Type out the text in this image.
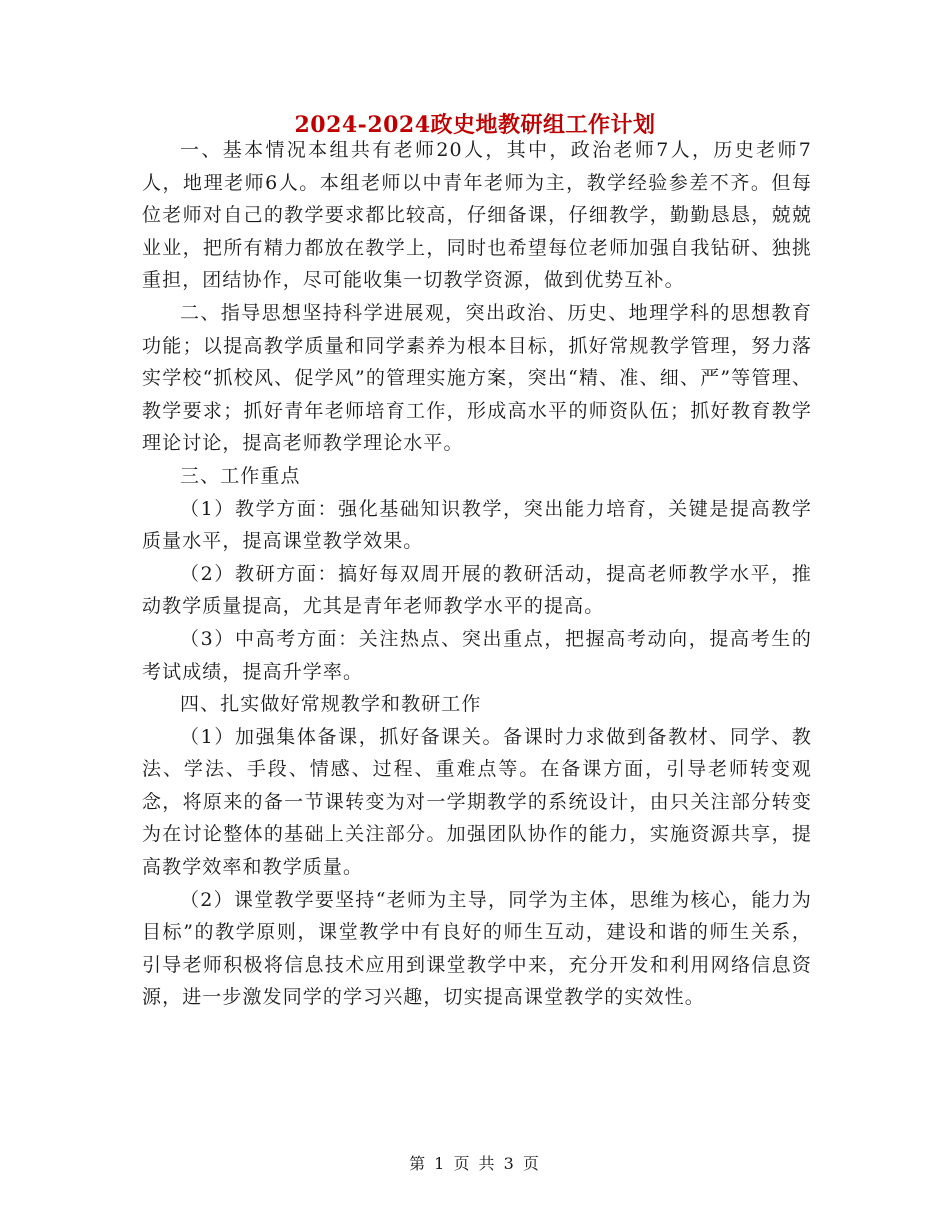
2024-2024政史地教研组工作计划

一、基本情况本组共有老师20人，其中，政治老师7人，历史老师7人，地理老师6人。本组老师以中青年老师为主，教学经验参差不齐。但每位老师对自己的教学要求都比较高，仔细备课，仔细教学，勤勤恳恳，兢兢业业，把所有精力都放在教学上，同时也希望每位老师加强自我钻研、独挑重担，团结协作，尽可能收集一切教学资源，做到优势互补。

二、指导思想坚持科学进展观，突出政治、历史、地理学科的思想教育功能；以提高教学质量和同学素养为根本目标，抓好常规教学管理，努力落实学校“抓校风、促学风”的管理实施方案，突出“精、准、细、严”等管理、教学要求；抓好青年老师培育工作，形成高水平的师资队伍；抓好教育教学理论讨论，提高老师教学理论水平。

三、工作重点

（1）教学方面：强化基础知识教学，突出能力培育，关键是提高教学质量水平，提高课堂教学效果。

（2）教研方面：搞好每双周开展的教研活动，提高老师教学水平，推动教学质量提高，尤其是青年老师教学水平的提高。

（3）中高考方面：关注热点、突出重点，把握高考动向，提高考生的考试成绩，提高升学率。

四、扎实做好常规教学和教研工作

（1）加强集体备课，抓好备课关。备课时力求做到备教材、同学、教法、学法、手段、情感、过程、重难点等。在备课方面，引导老师转变观念，将原来的备一节课转变为对一学期教学的系统设计，由只关注部分转变为在讨论整体的基础上关注部分。加强团队协作的能力，实施资源共享，提高教学效率和教学质量。

（2）课堂教学要坚持“老师为主导，同学为主体，思维为核心，能力为目标”的教学原则，课堂教学中有良好的师生互动，建设和谐的师生关系，引导老师积极将信息技术应用到课堂教学中来，充分开发和利用网络信息资源，进一步激发同学的学习兴趣，切实提高课堂教学的实效性。

第 1 页 共 3 页
